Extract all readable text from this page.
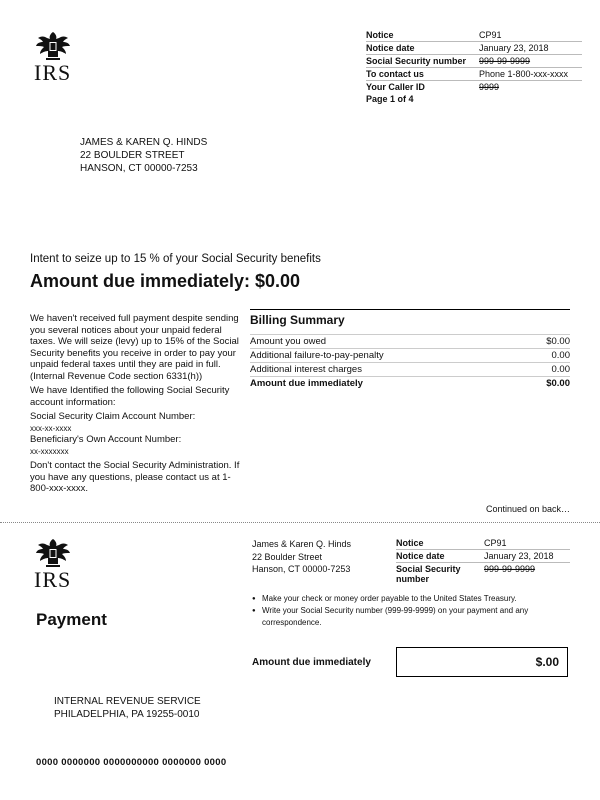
IRS
Notice	CP91
Notice date	January 23, 2018
Social Security number	999-99-9999
To contact us	Phone 1-800-xxx-xxxx
Your Caller ID	9999
Page 1 of 4	
JAMES & KAREN Q. HINDS
22 BOULDER STREET
HANSON, CT 00000-7253
Intent to seize up to 15 % of your Social Security benefits
Amount due immediately: $0.00

We haven't received full payment despite sending you several notices about your unpaid federal taxes. We will seize (levy) up to 15% of the Social Security benefits you receive in order to pay your unpaid federal taxes until they are paid in full. (Internal Revenue Code section 6331(h))

We have Identified the following Social Security account information:

Social Security Claim Account Number:
xxx-xx-xxxx
Beneficiary's Own Account Number:

xx-xxxxxxx

Don't contact the Social Security Administration. If you have any questions, please contact us at 1-800-xxx-xxxx.

Billing Summary
Amount you owed	$0.00
Additional failure-to-pay-penalty	0.00
Additional interest charges	0.00
Amount due immediately	$0.00
Continued on back…
IRS
James & Karen Q. Hinds
22 Boulder Street
Hanson, CT 00000-7253
Notice	CP91
Notice date	January 23, 2018
Social Security number	999-99-9999
Payment
● Make your check or money order payable to the United States Treasury.
● Write your Social Security number (999-99-9999) on your payment and any correspondence.
Amount due immediately	$.00
INTERNAL REVENUE SERVICE
PHILADELPHIA, PA 19255-0010
0000 0000000 0000000000 0000000 0000
